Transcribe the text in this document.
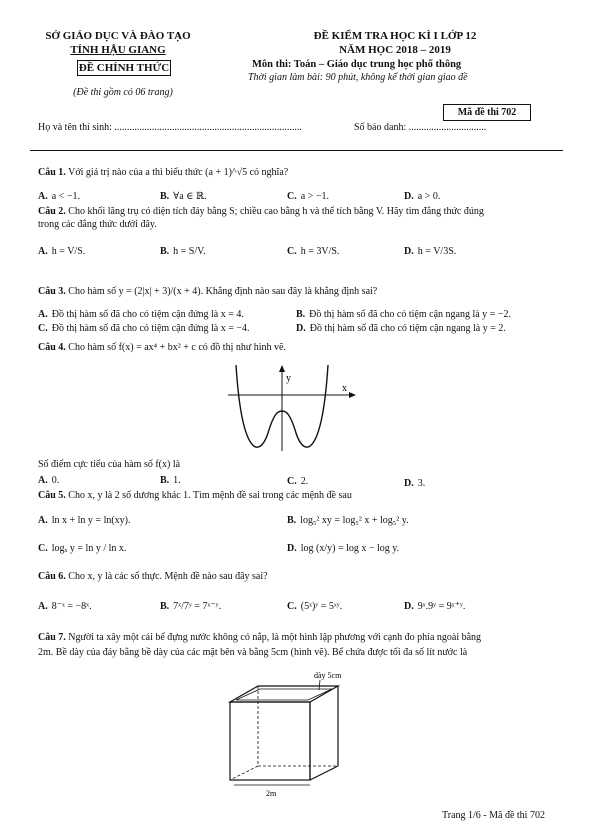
SỞ GIÁO DỤC VÀ ĐÀO TẠO
TỈNH HẬU GIANG
ĐỀ CHÍNH THỨC
(Đề thi gồm có 06 trang)
ĐỀ KIỂM TRA HỌC KÌ I LỚP 12
NĂM HỌC 2018 – 2019
Môn thi: Toán – Giáo dục trung học phổ thông
Thời gian làm bài: 90 phút, không kể thời gian giao đề
Mã đề thi 702
Họ và tên thí sinh: ...........................................................................	Số báo danh: ...............................
Câu 1. Với giá trị nào của a thì biểu thức (a + 1)^√5 có nghĩa?
A. a < −1.	B. ∀a ∈ ℝ.	C. a > −1.	D. a > 0.
Câu 2. Cho khối lăng trụ có diện tích đáy bằng S; chiều cao bằng h và thể tích bằng V. Hãy tìm đẳng thức đúng
trong các đẳng thức dưới đây.
A. h = V/S.	B. h = S/V.	C. h = 3V/S.	D. h = V/3S.
Câu 3. Cho hàm số y = (2|x| + 3)/(x + 4). Khẳng định nào sau đây là khẳng định sai?
A. Đồ thị hàm số đã cho có tiệm cận đứng là x = 4.	B. Đồ thị hàm số đã cho có tiệm cận ngang là y = −2.
C. Đồ thị hàm số đã cho có tiệm cận đứng là x = −4.	D. Đồ thị hàm số đã cho có tiệm cận ngang là y = 2.
Câu 4. Cho hàm số f(x) = ax⁴ + bx² + c có đồ thị như hình vẽ.
x
y
Số điểm cực tiểu của hàm số f(x) là
A. 0.	B. 1.	C. 2.	D. 3.
Câu 5. Cho x, y là 2 số dương khác 1. Tìm mệnh đề sai trong các mệnh đề sau
A. ln x + ln y = ln(xy).	B. log₅² xy = log₅² x + log₅² y.
C. logₓ y = ln y / ln x.	D. log (x/y) = log x − log y.
Câu 6. Cho x, y là các số thực. Mệnh đề nào sau đây sai?
A. 8⁻ˣ = −8ˣ.	B. 7ˣ/7ʸ = 7ˣ⁻ʸ.	C. (5ˣ)ʸ = 5ˣʸ.	D. 9ˣ.9ʸ = 9ˣ⁺ʸ.
Câu 7. Người ta xây một cái bể đựng nước không có nắp, là một hình lập phương với cạnh đo phía ngoài bằng
2m. Bề dày của đáy bằng bề dày của các mặt bên và bằng 5cm (hình vẽ). Bể chứa được tối đa số lít nước là
dày 5cm
2m
Trang 1/6 - Mã đề thi 702
